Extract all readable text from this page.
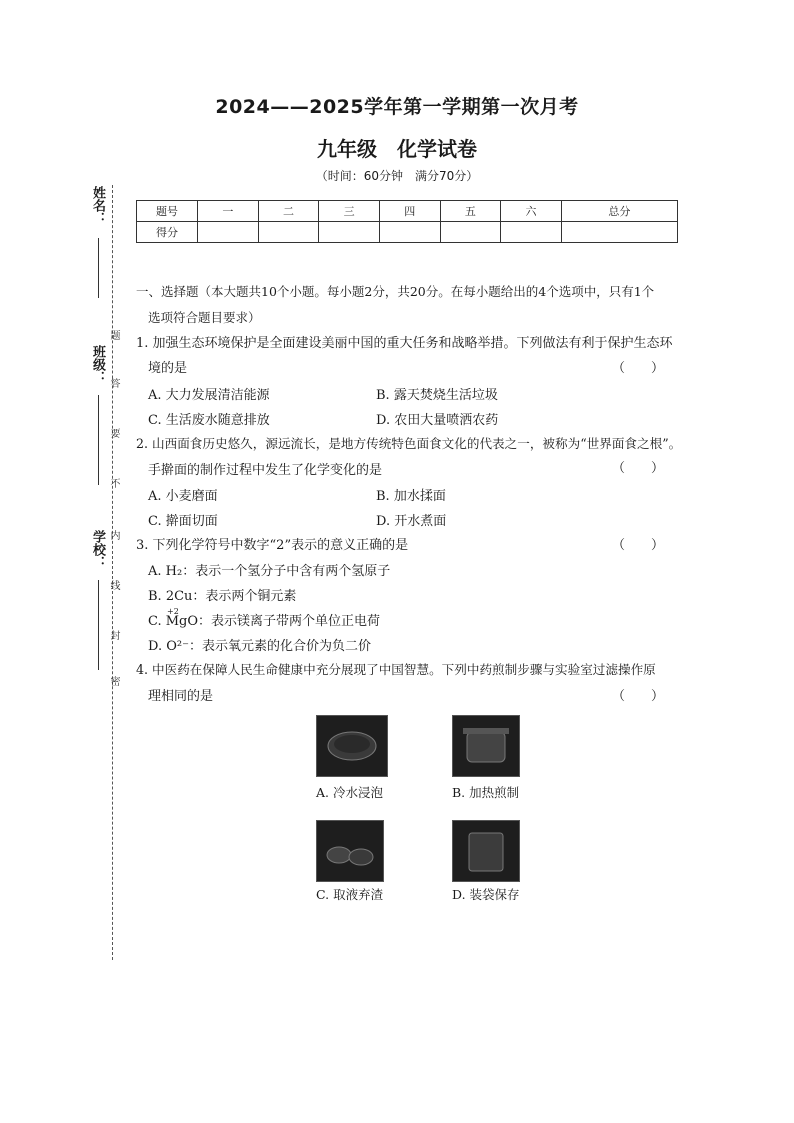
2024——2025学年第一学期第一次月考
九年级　化学试卷
（时间：60分钟　满分70分）
姓名：
班级：
学校：
题
答
要
不
内
线
封
密
题号	一	二	三	四	五	六	总分
得分							
一、选择题（本大题共10个小题。每小题2分，共20分。在每小题给出的4个选项中，只有1个
选项符合题目要求）
1. 加强生态环境保护是全面建设美丽中国的重大任务和战略举措。下列做法有利于保护生态环
境的是	（　　）
A. 大力发展清洁能源	B. 露天焚烧生活垃圾
C. 生活废水随意排放	D. 农田大量喷洒农药
2. 山西面食历史悠久，源远流长，是地方传统特色面食文化的代表之一，被称为“世界面食之根”。
手擀面的制作过程中发生了化学变化的是	（　　）
A. 小麦磨面	B. 加水揉面
C. 擀面切面	D. 开水煮面
3. 下列化学符号中数字“2”表示的意义正确的是	（　　）
A. H₂：表示一个氢分子中含有两个氢原子
B. 2Cu：表示两个铜元素
+2
C. MgO：表示镁离子带两个单位正电荷
D. O²⁻：表示氧元素的化合价为负二价
4. 中医药在保障人民生命健康中充分展现了中国智慧。下列中药煎制步骤与实验室过滤操作原
理相同的是	（　　）
A. 冷水浸泡	B. 加热煎制
C. 取液弃渣	D. 装袋保存
